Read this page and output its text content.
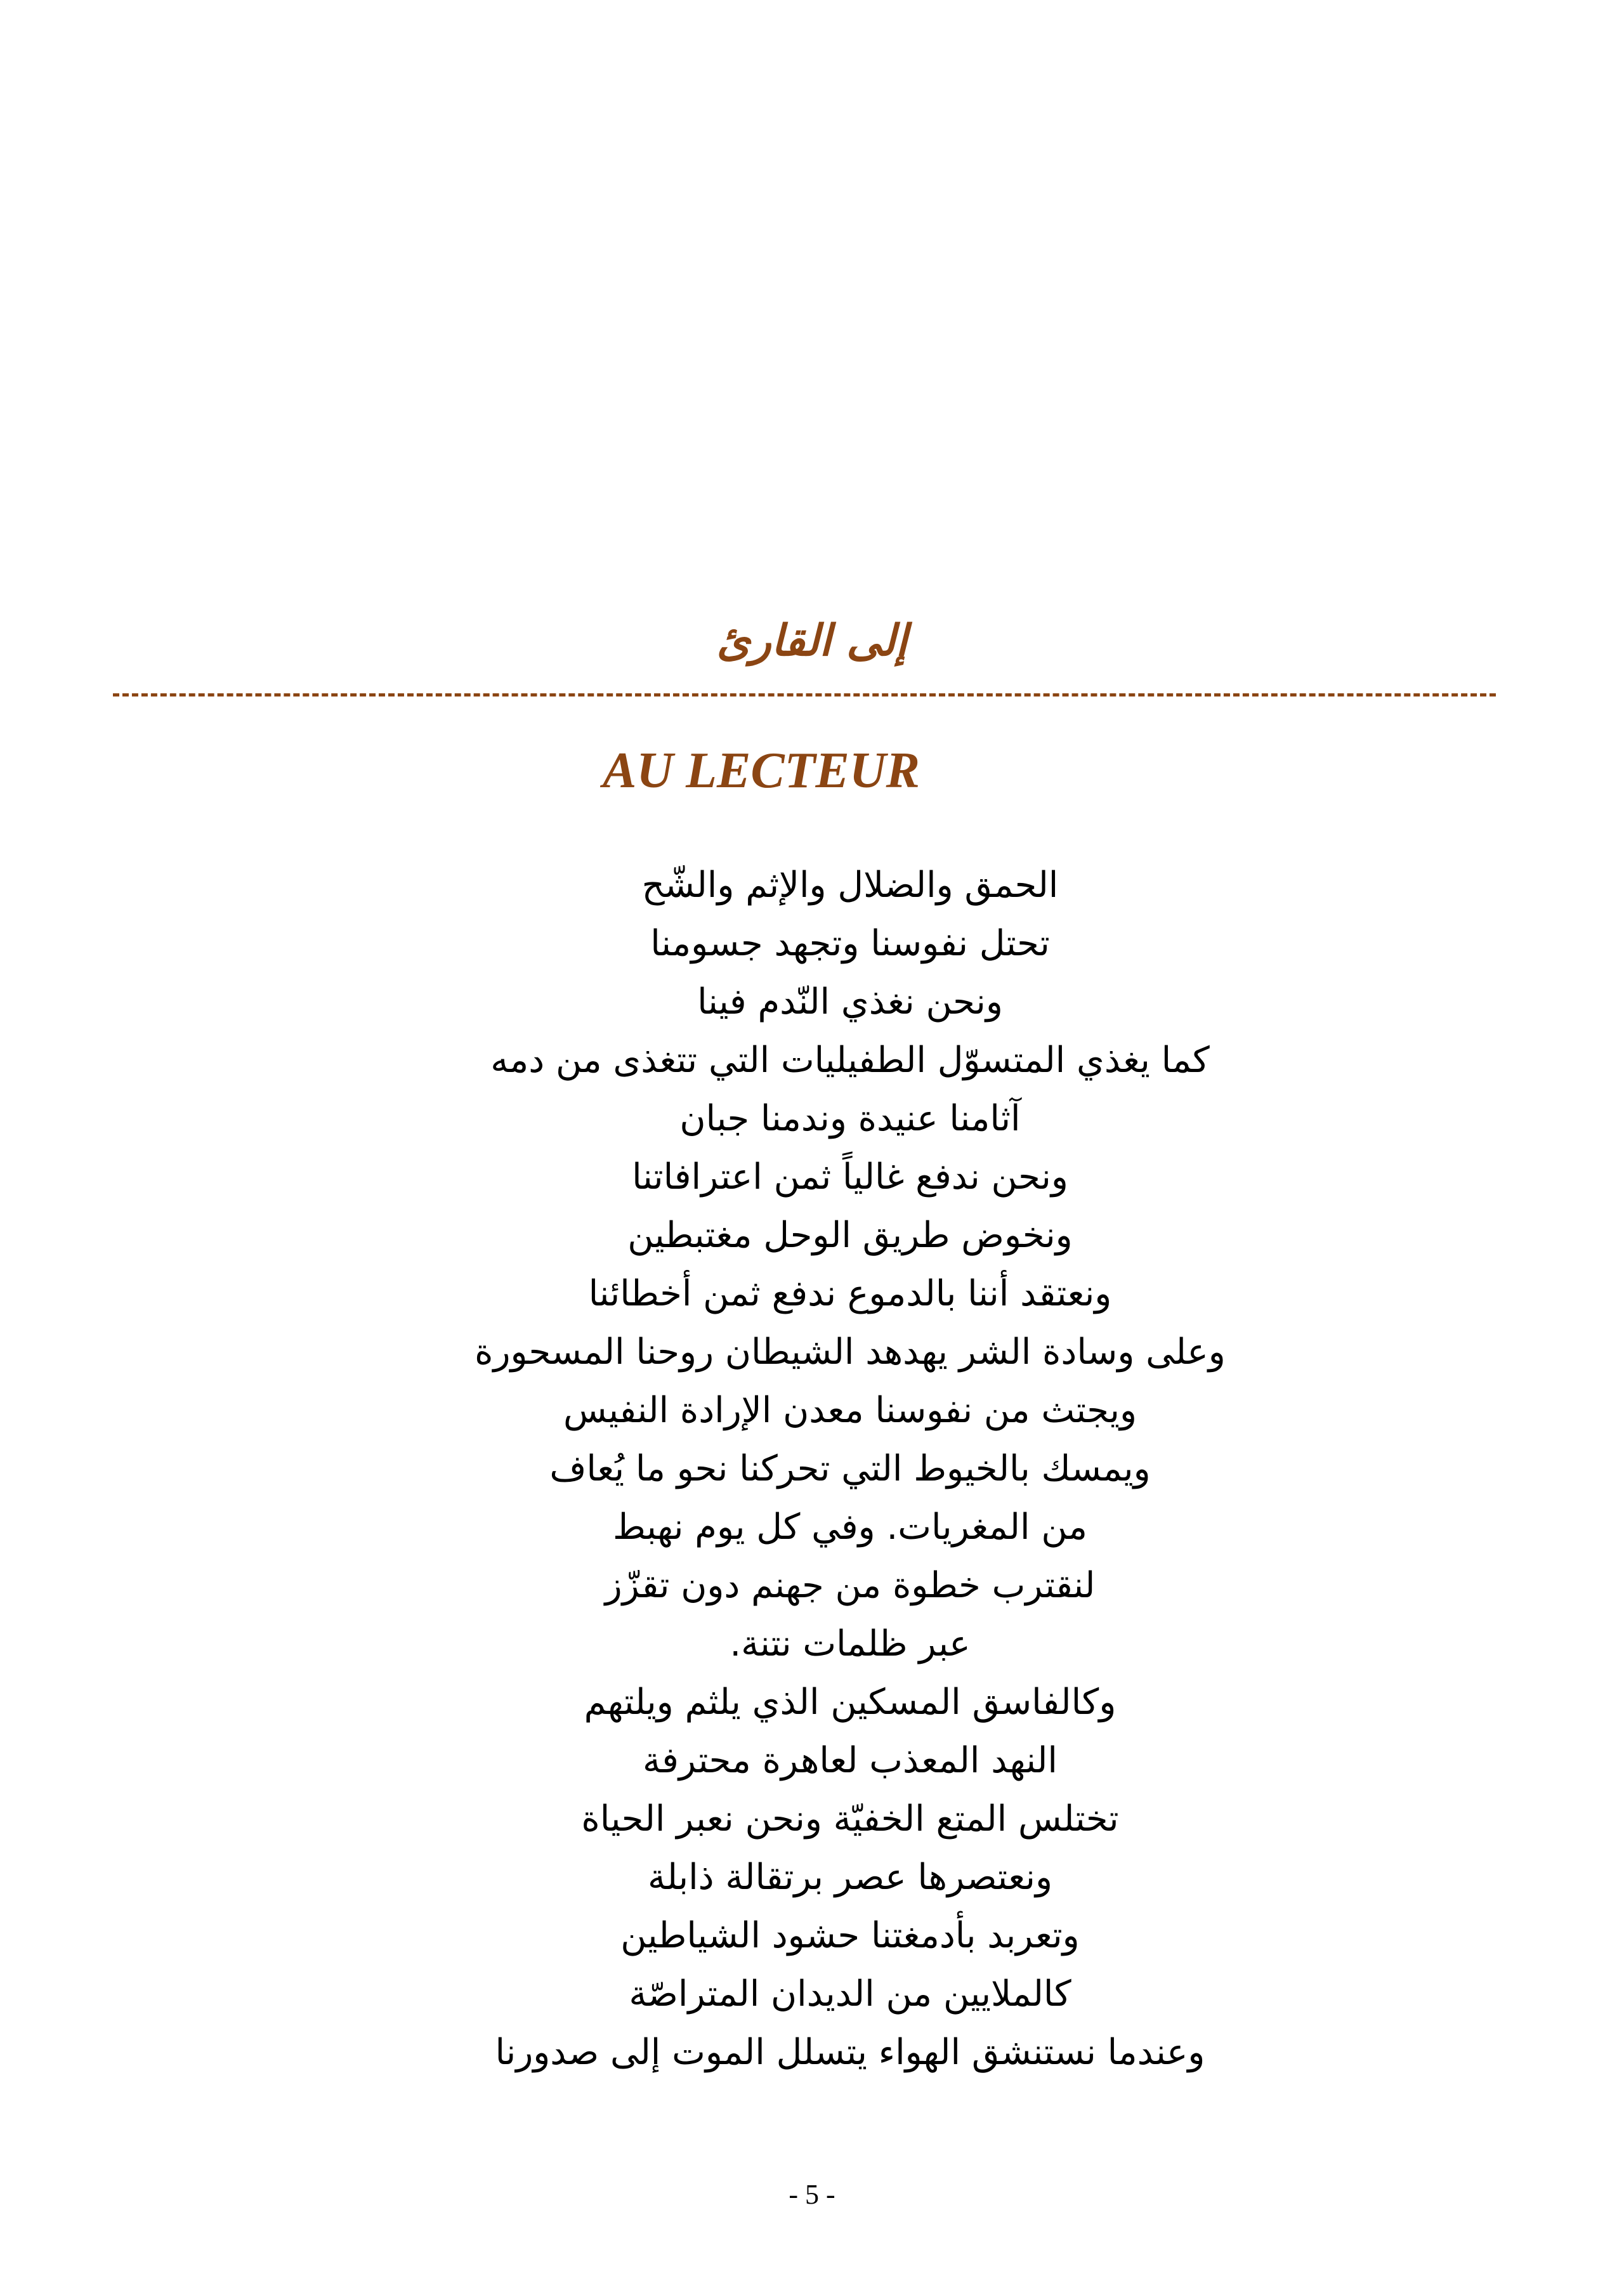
إلى القارئ
AU LECTEUR
الحمق والضلال والإثم والشّح
تحتل نفوسنا وتجهد جسومنا
ونحن نغذي النّدم فينا
كما يغذي المتسوّل الطفيليات التي تتغذى من دمه
آثامنا عنيدة وندمنا جبان
ونحن ندفع غالياً ثمن اعترافاتنا
ونخوض طريق الوحل مغتبطين
ونعتقد أننا بالدموع ندفع ثمن أخطائنا
وعلى وسادة الشر يهدهد الشيطان روحنا المسحورة
ويجتث من نفوسنا معدن الإرادة النفيس
ويمسك بالخيوط التي تحركنا نحو ما يُعاف
من المغريات. وفي كل يوم نهبط
لنقترب خطوة من جهنم دون تقزّز
عبر ظلمات نتنة.
وكالفاسق المسكين الذي يلثم ويلتهم
النهد المعذب لعاهرة محترفة
تختلس المتع الخفيّة ونحن نعبر الحياة
ونعتصرها عصر برتقالة ذابلة
وتعربد بأدمغتنا حشود الشياطين
كالملايين من الديدان المتراصّة
وعندما نستنشق الهواء يتسلل الموت إلى صدورنا
- 5 -
